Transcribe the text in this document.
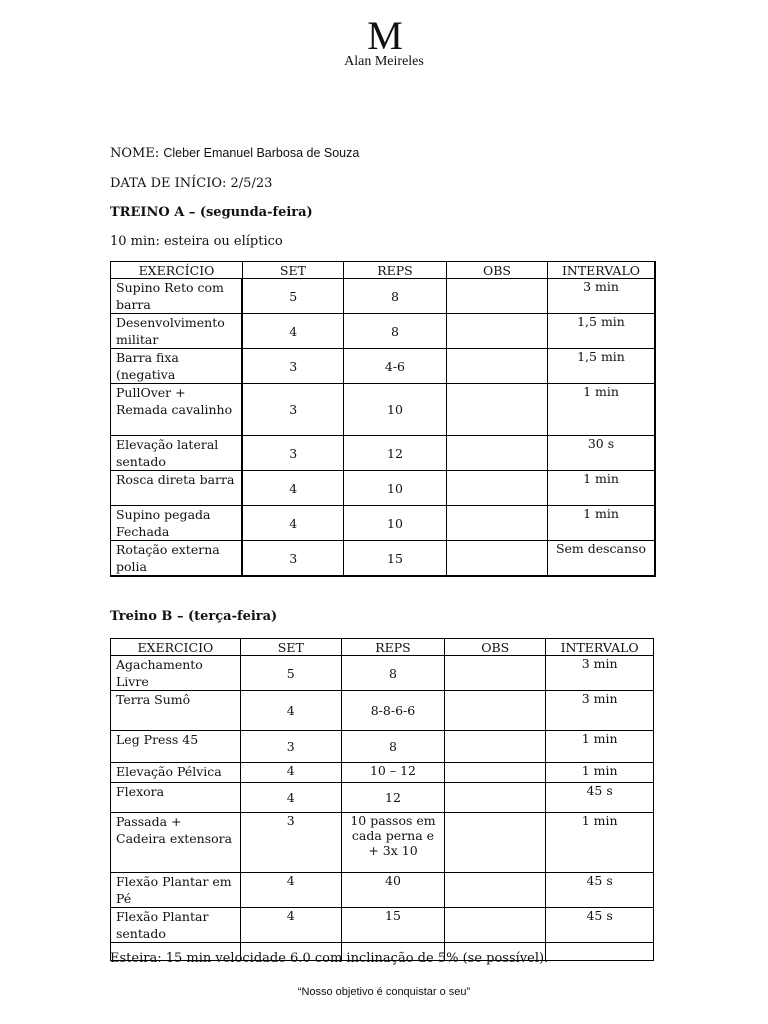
M
Alan Meireles
NOME: Cleber Emanuel Barbosa de Souza
DATA DE INÍCIO: 2/5/23
TREINO A – (segunda-feira)
10 min: esteira ou elíptico
EXERCÍCIO	SET	REPS	OBS	INTERVALO
Supino Reto com barra	5	8		3 min
Desenvolvimento militar	4	8		1,5 min
Barra fixa (negativa	3	4-6		1,5 min
PullOver + Remada cavalinho	3	10		1 min
Elevação lateral sentado	3	12		30 s
Rosca direta barra	4	10		1 min
Supino pegada Fechada	4	10		1 min
Rotação externa polia	3	15		Sem descanso
Treino B – (terça-feira)
EXERCICIO	SET	REPS	OBS	INTERVALO
Agachamento Livre	5	8		3 min
Terra Sumô	4	8-8-6-6		3 min
Leg Press 45	3	8		1 min
Elevação Pélvica	4	10 – 12		1 min
Flexora	4	12		45 s
Passada + Cadeira extensora	3	10 passos em cada perna e + 3x 10		1 min
Flexão Plantar em Pé	4	40		45 s
Flexão Plantar sentado	4	15		45 s

Esteira: 15 min velocidade 6.0 com inclinação de 5% (se possível).
“Nosso objetivo é conquistar o seu”
